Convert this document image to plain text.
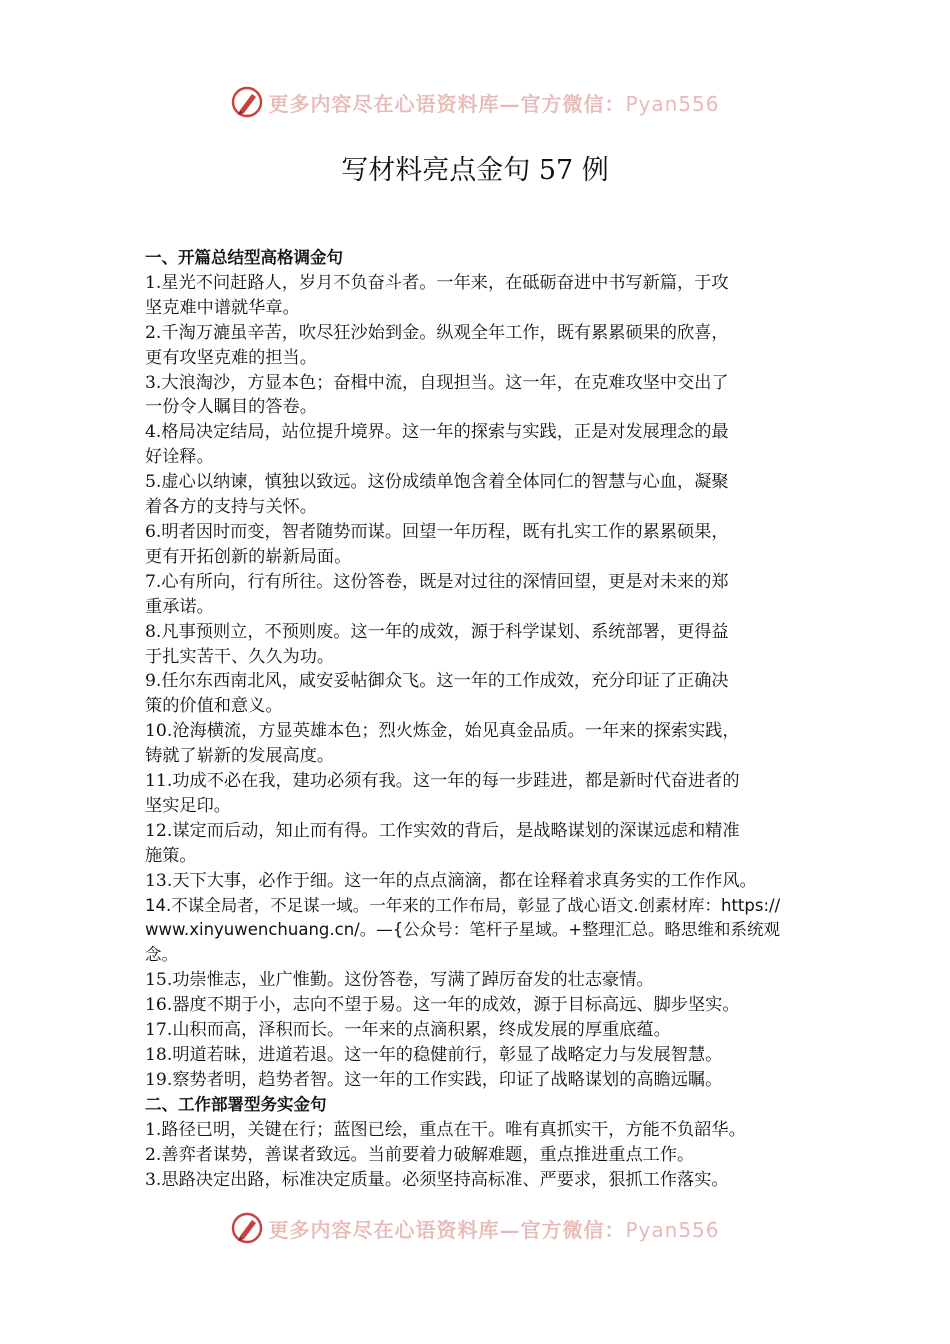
更多内容尽在心语资料库—官方微信：Pyan556
写材料亮点金句 57 例
一、开篇总结型高格调金句
1.星光不问赶路人，岁月不负奋斗者。一年来，在砥砺奋进中书写新篇，于攻
坚克难中谱就华章。
2.千淘万漉虽辛苦，吹尽狂沙始到金。纵观全年工作，既有累累硕果的欣喜，
更有攻坚克难的担当。
3.大浪淘沙，方显本色；奋楫中流，自现担当。这一年，在克难攻坚中交出了
一份令人瞩目的答卷。
4.格局决定结局，站位提升境界。这一年的探索与实践，正是对发展理念的最
好诠释。
5.虚心以纳谏，慎独以致远。这份成绩单饱含着全体同仁的智慧与心血，凝聚
着各方的支持与关怀。
6.明者因时而变，智者随势而谋。回望一年历程，既有扎实工作的累累硕果，
更有开拓创新的崭新局面。
7.心有所向，行有所往。这份答卷，既是对过往的深情回望，更是对未来的郑
重承诺。
8.凡事预则立，不预则废。这一年的成效，源于科学谋划、系统部署，更得益
于扎实苦干、久久为功。
9.任尔东西南北风，咸安妥帖御众飞。这一年的工作成效，充分印证了正确决
策的价值和意义。
10.沧海横流，方显英雄本色；烈火炼金，始见真金品质。一年来的探索实践，
铸就了崭新的发展高度。
11.功成不必在我，建功必须有我。这一年的每一步跬进，都是新时代奋进者的
坚实足印。
12.谋定而后动，知止而有得。工作实效的背后，是战略谋划的深谋远虑和精准
施策。
13.天下大事，必作于细。这一年的点点滴滴，都在诠释着求真务实的工作作风。
14.不谋全局者，不足谋一域。一年来的工作布局，彰显了战心语文.创素材库：https://
www.xinyuwenchuang.cn/。—{公众号：笔杆子星域。+整理汇总。略思维和系统观
念。
15.功崇惟志，业广惟勤。这份答卷，写满了踔厉奋发的壮志豪情。
16.器度不期于小，志向不望于易。这一年的成效，源于目标高远、脚步坚实。
17.山积而高，泽积而长。一年来的点滴积累，终成发展的厚重底蕴。
18.明道若昧，进道若退。这一年的稳健前行，彰显了战略定力与发展智慧。
19.察势者明，趋势者智。这一年的工作实践，印证了战略谋划的高瞻远瞩。
二、工作部署型务实金句
1.路径已明，关键在行；蓝图已绘，重点在干。唯有真抓实干，方能不负韶华。
2.善弈者谋势，善谋者致远。当前要着力破解难题，重点推进重点工作。
3.思路决定出路，标准决定质量。必须坚持高标准、严要求，狠抓工作落实。
更多内容尽在心语资料库—官方微信：Pyan556
